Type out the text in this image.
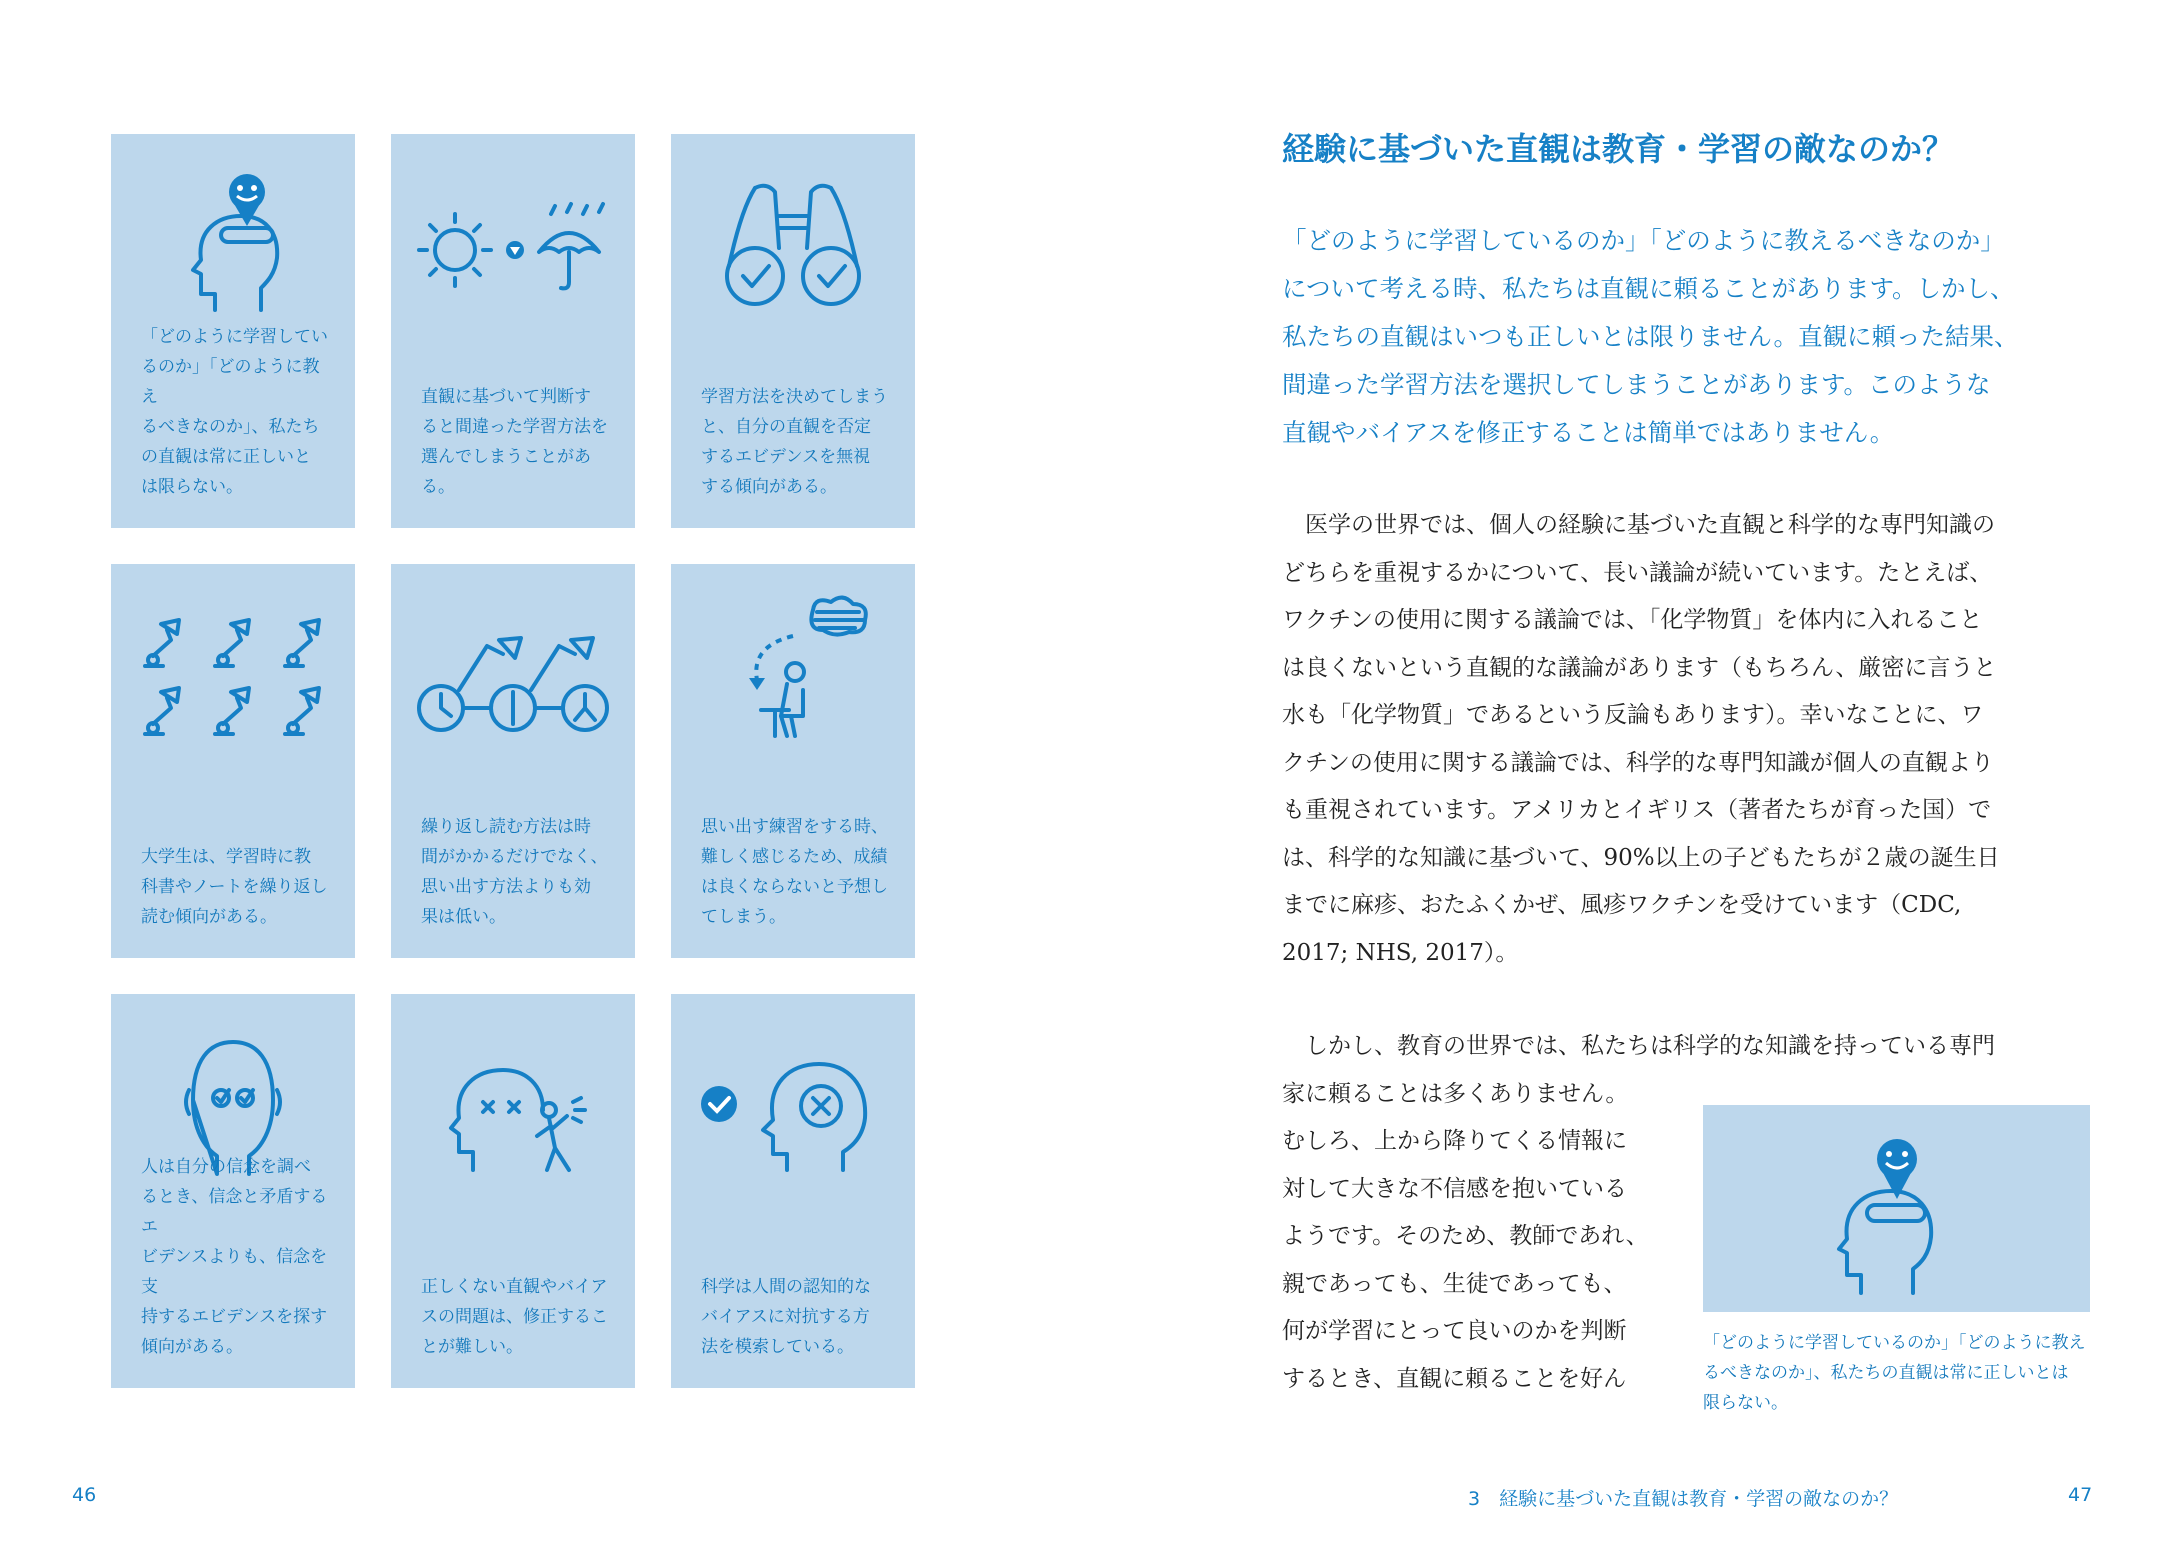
「どのように学習してい
るのか」「どのように教え
るべきなのか」、私たち
の直観は常に正しいと
は限らない。
直観に基づいて判断す
ると間違った学習方法を
選んでしまうことがある。
学習方法を決めてしまう
と、自分の直観を否定
するエビデンスを無視
する傾向がある。
大学生は、学習時に教
科書やノートを繰り返し
読む傾向がある。
繰り返し読む方法は時
間がかかるだけでなく、
思い出す方法よりも効
果は低い。
思い出す練習をする時、
難しく感じるため、成績
は良くならないと予想し
てしまう。
人は自分の信念を調べ
るとき、信念と矛盾するエ
ビデンスよりも、信念を支
持するエビデンスを探す
傾向がある。
正しくない直観やバイア
スの問題は、修正するこ
とが難しい。
科学は人間の認知的な
バイアスに対抗する方
法を模索している。
経験に基づいた直観は教育・学習の敵なのか？

「どのように学習しているのか」「どのように教えるべきなのか」
について考える時、私たちは直観に頼ることがあります。しかし、
私たちの直観はいつも正しいとは限りません。直観に頼った結果、
間違った学習方法を選択してしまうことがあります。このような
直観やバイアスを修正することは簡単ではありません。

　医学の世界では、個人の経験に基づいた直観と科学的な専門知識の
どちらを重視するかについて、長い議論が続いています。たとえば、
ワクチンの使用に関する議論では、「化学物質」を体内に入れること
は良くないという直観的な議論があります（もちろん、厳密に言うと
水も「化学物質」であるという反論もあります）。幸いなことに、ワ
クチンの使用に関する議論では、科学的な専門知識が個人の直観より
も重視されています。アメリカとイギリス（著者たちが育った国）で
は、科学的な知識に基づいて、90%以上の子どもたちが２歳の誕生日
までに麻疹、おたふくかぜ、風疹ワクチンを受けています（CDC,
2017; NHS, 2017）。

　しかし、教育の世界では、私たちは科学的な知識を持っている専門
家に頼ることは多くありません。
むしろ、上から降りてくる情報に
対して大きな不信感を抱いている
ようです。そのため、教師であれ、
親であっても、生徒であっても、
何が学習にとって良いのかを判断
するとき、直観に頼ることを好ん

「どのように学習しているのか」「どのように教え
るべきなのか」、私たちの直観は常に正しいとは
限らない。

46	3　経験に基づいた直観は教育・学習の敵なのか？	47
